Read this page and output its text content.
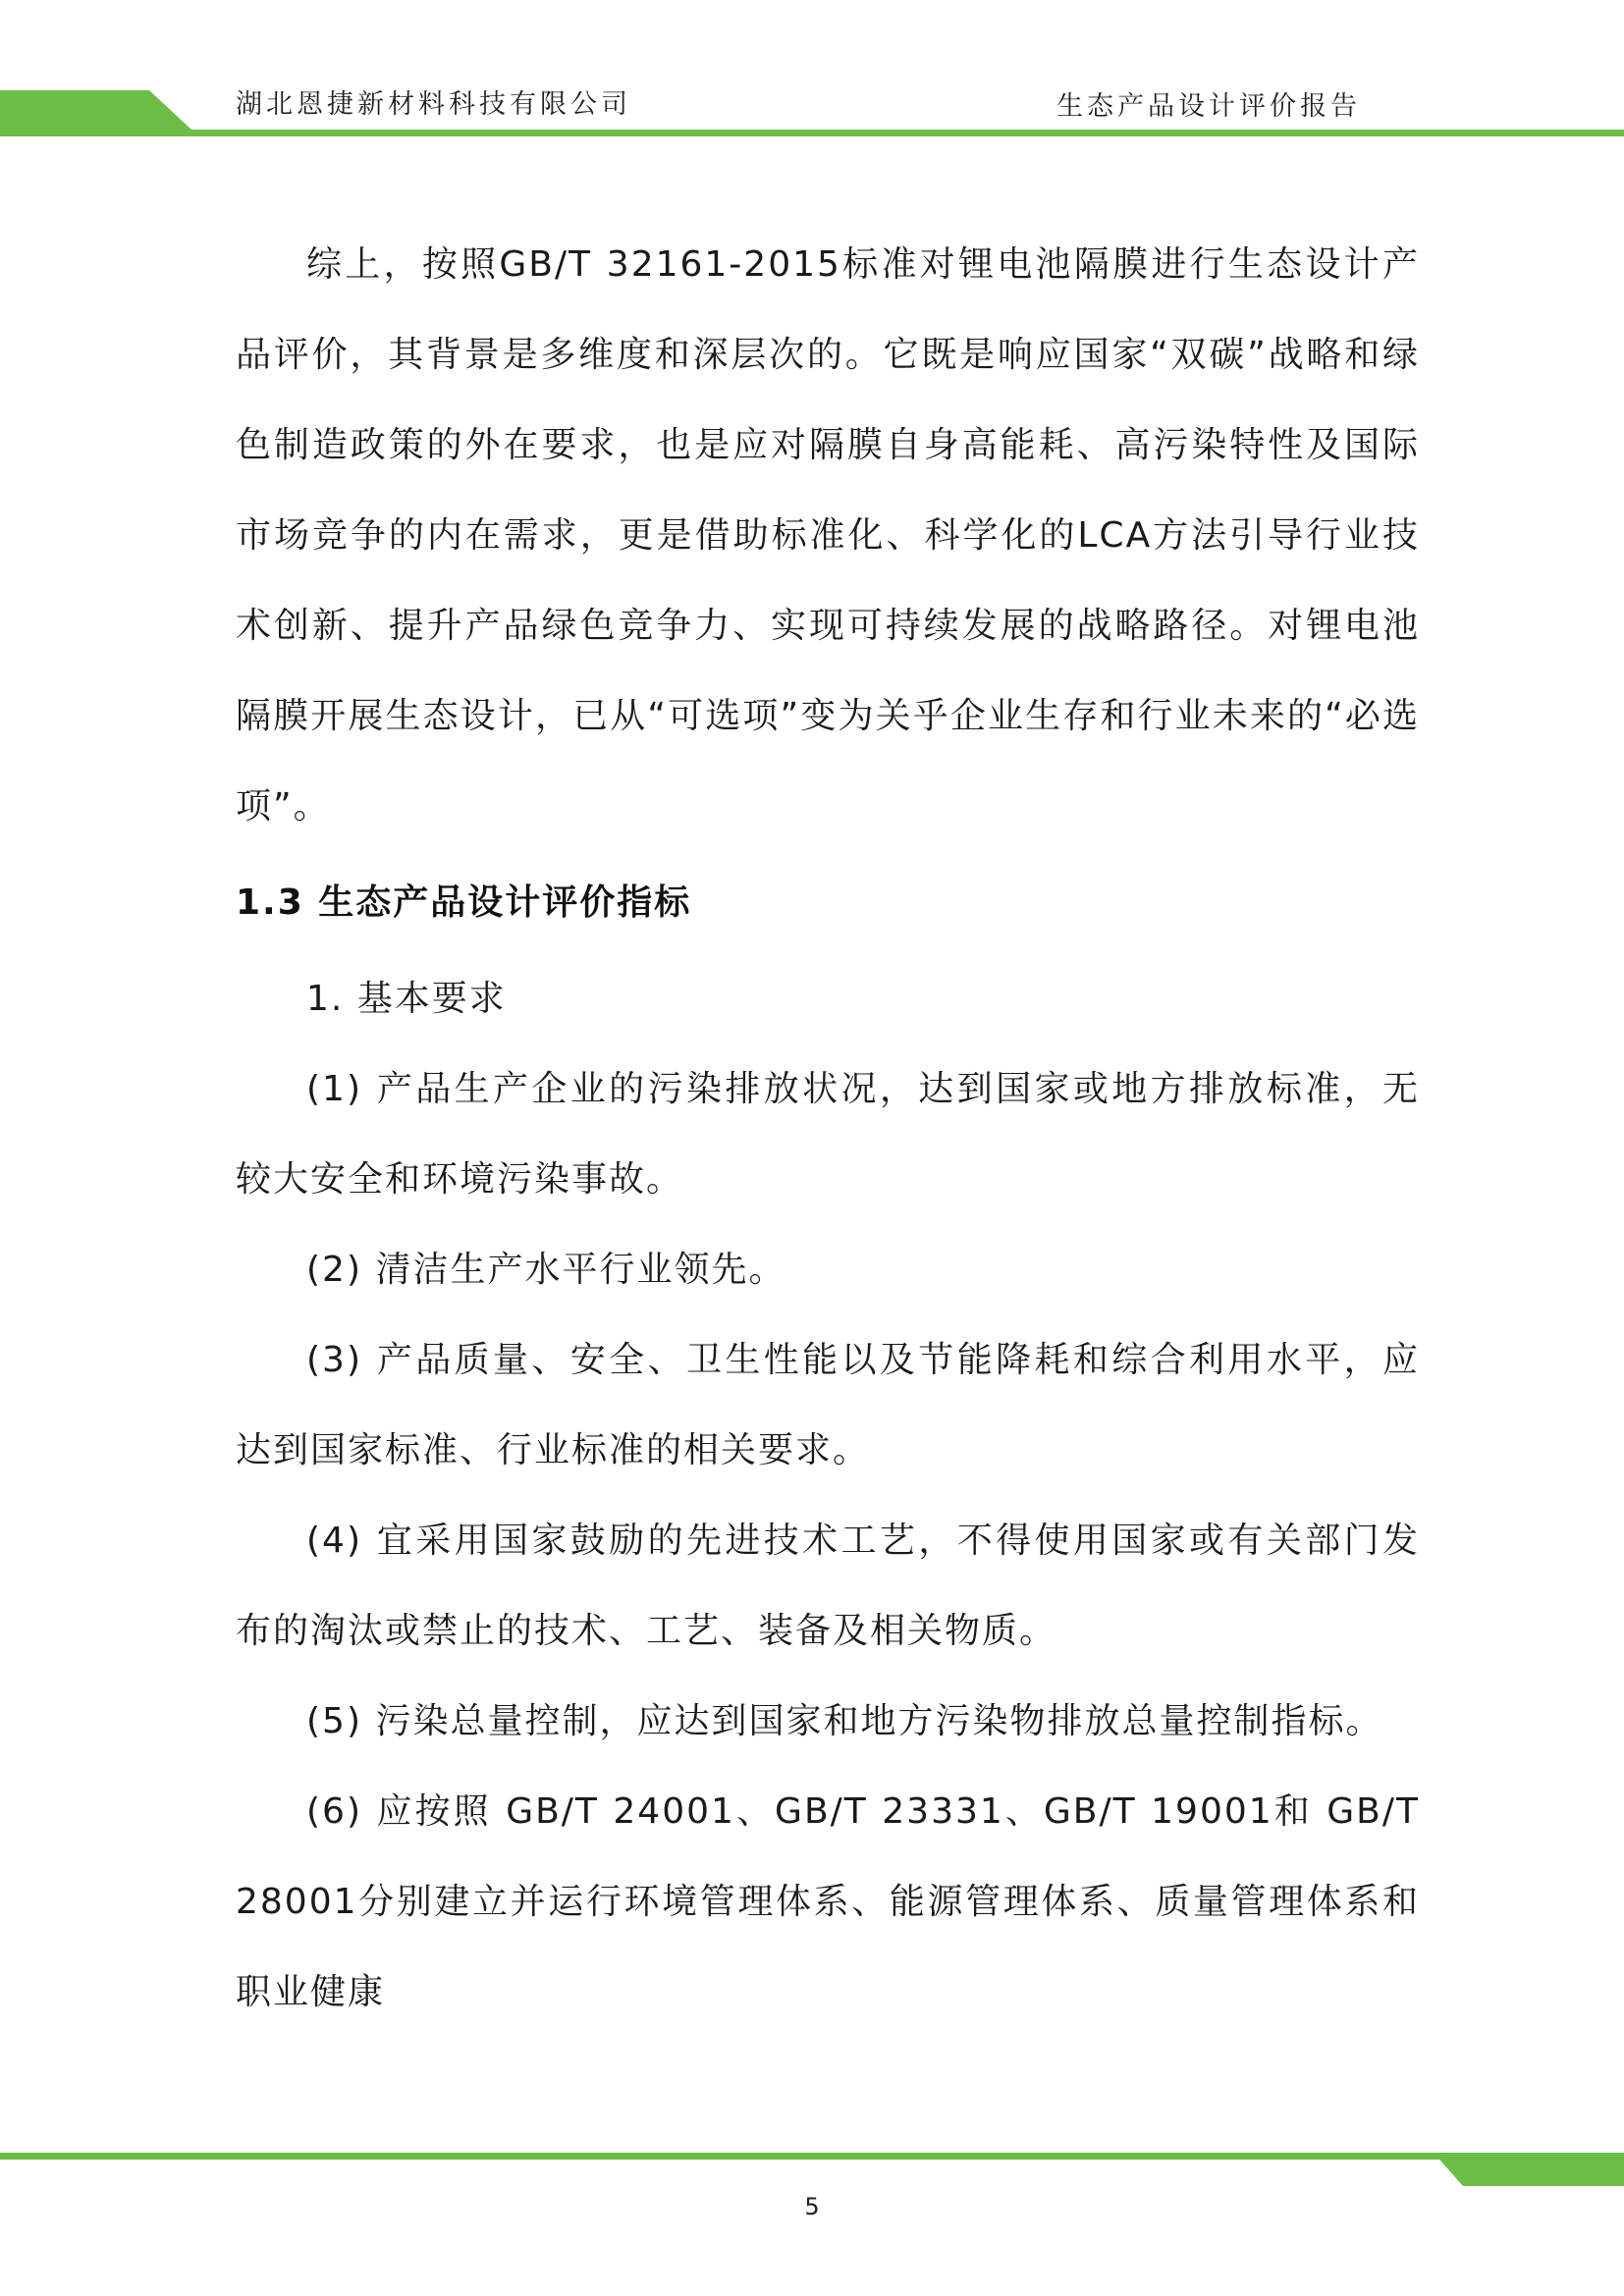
湖北恩捷新材料科技有限公司	生态产品设计评价报告

综上，按照GB/T 32161-2015标准对锂电池隔膜进行生态设计产品评价，其背景是多维度和深层次的。它既是响应国家“双碳”战略和绿色制造政策的外在要求，也是应对隔膜自身高能耗、高污染特性及国际市场竞争的内在需求，更是借助标准化、科学化的LCA方法引导行业技术创新、提升产品绿色竞争力、实现可持续发展的战略路径。对锂电池隔膜开展生态设计，已从“可选项”变为关乎企业生存和行业未来的“必选项”。

1.3 生态产品设计评价指标

1. 基本要求

(1) 产品生产企业的污染排放状况，达到国家或地方排放标准，无较大安全和环境污染事故。

(2) 清洁生产水平行业领先。

(3) 产品质量、安全、卫生性能以及节能降耗和综合利用水平，应达到国家标准、行业标准的相关要求。

(4) 宜采用国家鼓励的先进技术工艺，不得使用国家或有关部门发布的淘汰或禁止的技术、工艺、装备及相关物质。

(5) 污染总量控制，应达到国家和地方污染物排放总量控制指标。

(6) 应按照 GB/T 24001、GB/T 23331、GB/T 19001和 GB/T 28001分别建立并运行环境管理体系、能源管理体系、质量管理体系和职业健康

5
